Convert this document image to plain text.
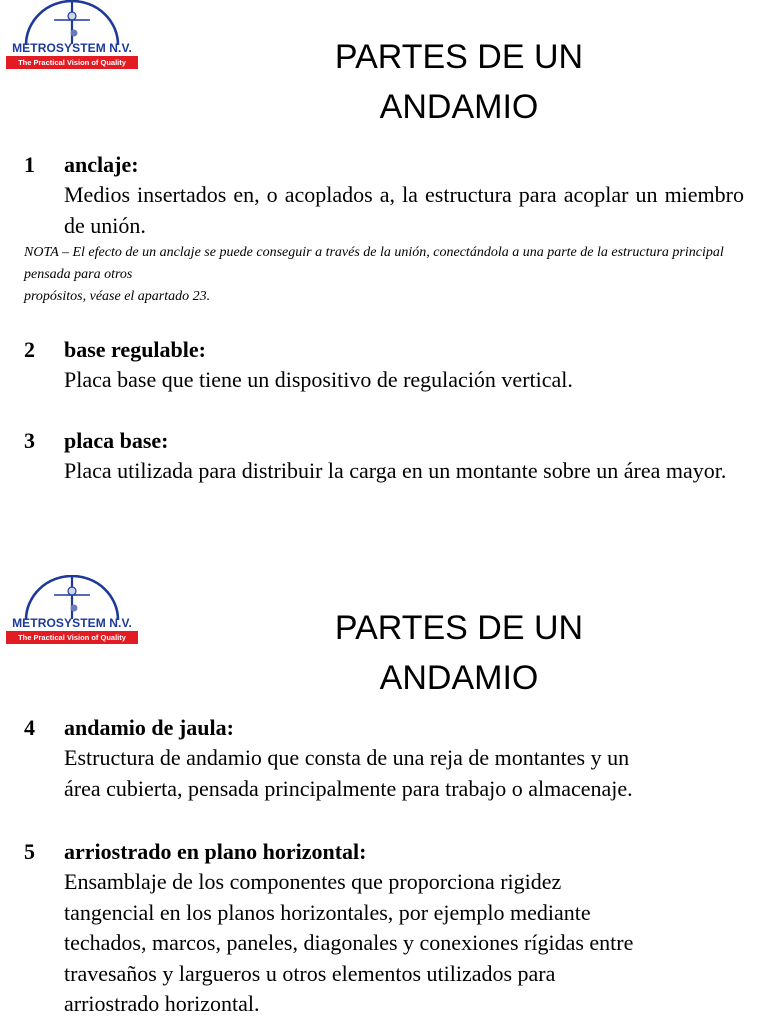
METROSYSTEM N.V.
The Practical Vision of Quality	PARTES DE UN
ANDAMIO
1 anclaje:
Medios insertados en, o acoplados a, la estructura para acoplar un miembro de unión.
NOTA – El efecto de un anclaje se puede conseguir a través de la unión, conectándola a una parte de la estructura principal pensada para otros
propósitos, véase el apartado 23.
2 base regulable:
Placa base que tiene un dispositivo de regulación vertical.
3 placa base:
Placa utilizada para distribuir la carga en un montante sobre un área mayor.
METROSYSTEM N.V.
The Practical Vision of Quality	PARTES DE UN
ANDAMIO
4 andamio de jaula:
Estructura de andamio que consta de una reja de montantes y un
área cubierta, pensada principalmente para trabajo o almacenaje.
5 arriostrado en plano horizontal:
Ensamblaje de los componentes que proporciona rigidez
tangencial en los planos horizontales, por ejemplo mediante
techados, marcos, paneles, diagonales y conexiones rígidas entre
travesaños y largueros u otros elementos utilizados para
arriostrado horizontal.
